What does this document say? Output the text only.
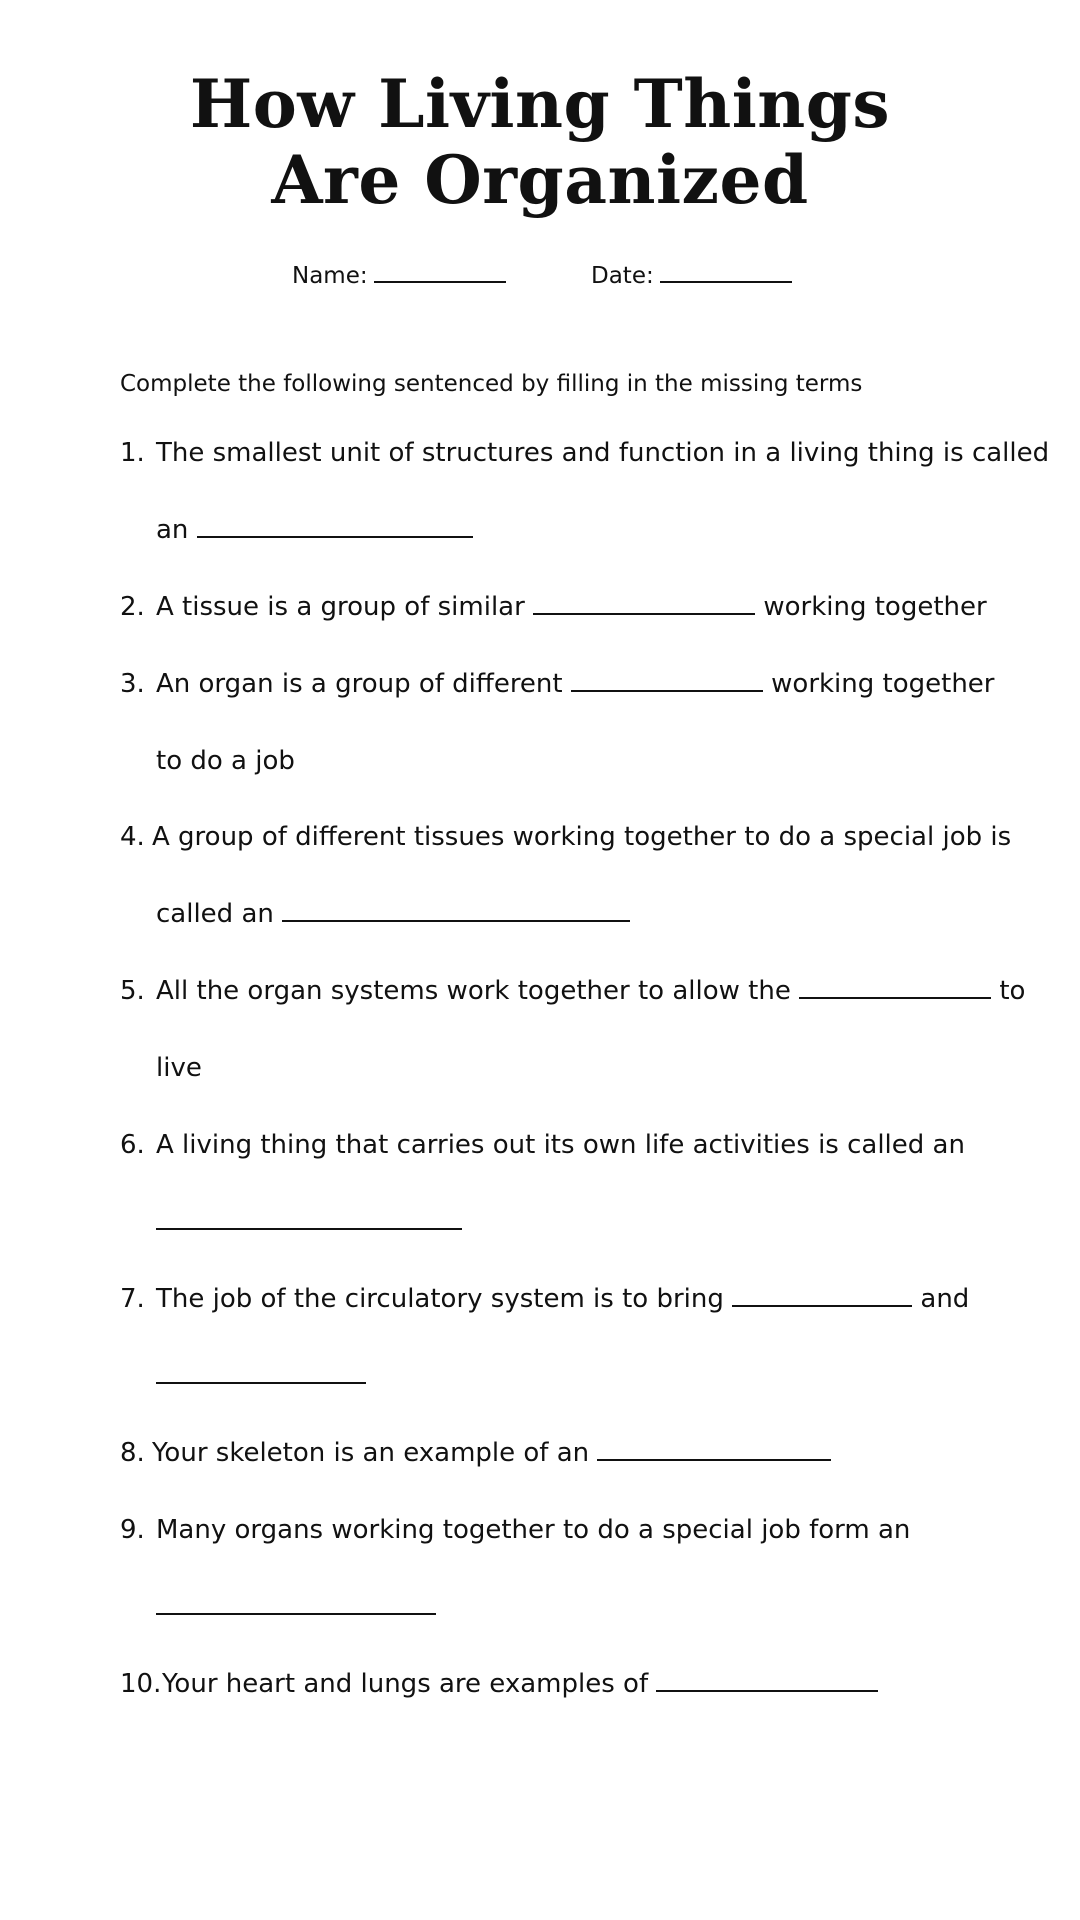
How Living Things
Are Organized
Name:	Date:
Complete the following sentenced by filling in the missing terms
1. The smallest unit of structures and function in a living thing is called
an
2. A tissue is a group of similar	working together
3. An organ is a group of different	working together
to do a job
4. A group of different tissues working together to do a special job is
called an
5. All the organ systems work together to allow the	to
live
6. A living thing that carries out its own life activities is called an
7. The job of the circulatory system is to bring	and
8. Your skeleton is an example of an
9. Many organs working together to do a special job form an
10.Your heart and lungs are examples of
